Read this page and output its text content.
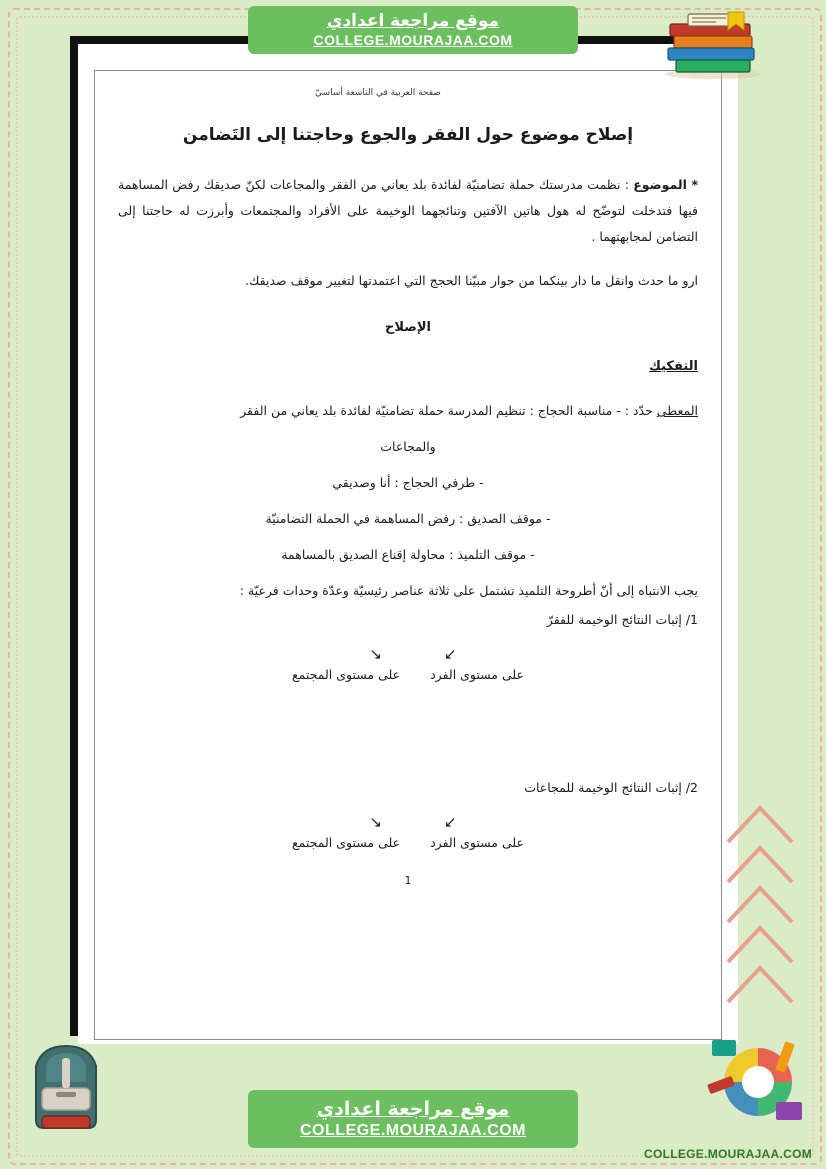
موقع مراجعة اعدادي
COLLEGE.MOURAJAA.COM
صفحة العربية في التاسعة أساسيّ
إصلاح موضوع حول الفقر والجوع وحاجتنا إلى التَضامن

* الموضوع : نظمت مدرستك حملة تضامنيّة لفائدة بلد يعاني من الفقر والمجاعات لكنّ صديقك رفض المساهمة فيها فتدخلت لتوضّح له هول هاتين الآفتين وتنائجهما الوخيمة على الأفراد والمجتمعات وأبرزت له حاجتنا إلى التضامن لمجابهتهما .

ارو ما حدث وانقل ما دار بينكما من حوار مبيّنا الحجج التي اعتمدتها لتغيير موقف صديقك.

الإصلاح
التفكيك

المعطى حدّد : - مناسبة الحجاج : تنظيم المدرسة حملة تضامنيّة لفائدة بلد يعاني من الفقر

والمجاعات

- طرفي الحجاج : أنا وصديقي

- موقف الصديق : رفض المساهمة في الحملة التضامنيّة

- موقف التلميذ : محاولة إقناع الصديق بالمساهمة

يجب الانتباه إلى أنّ أطروحة التلميذ تشتمل على ثلاثة عناصر رئيسيّة وعدّة وحدات فرعيّة :

1/ إثبات النتائج الوخيمة للفقرّ
↙
↘
على مستوى الفرد
على مستوى المجتمع
2/ إثبات النتائج الوخيمة للمجاعات
↙
↘
على مستوى الفرد
على مستوى المجتمع
1
موقع مراجعة اعدادي
COLLEGE.MOURAJAA.COM
COLLEGE.MOURAJAA.COM
